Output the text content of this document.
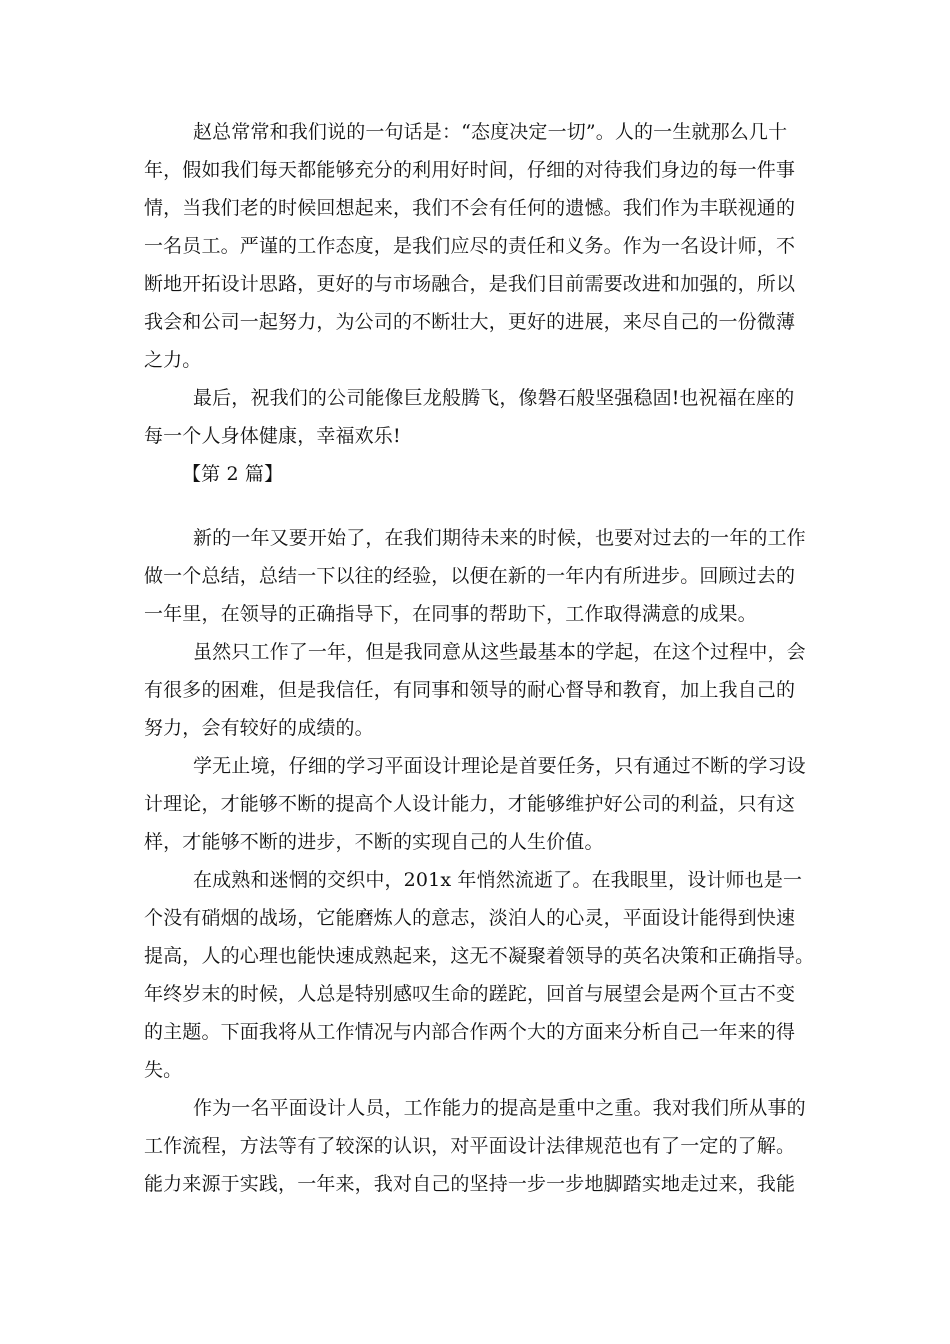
赵总常常和我们说的一句话是：“态度决定一切”。人的一生就那么几十
年，假如我们每天都能够充分的利用好时间，仔细的对待我们身边的每一件事
情，当我们老的时候回想起来，我们不会有任何的遗憾。我们作为丰联视通的
一名员工。严谨的工作态度，是我们应尽的责任和义务。作为一名设计师，不
断地开拓设计思路，更好的与市场融合，是我们目前需要改进和加强的，所以
我会和公司一起努力，为公司的不断壮大，更好的进展，来尽自己的一份微薄
之力。
最后，祝我们的公司能像巨龙般腾飞，像磐石般坚强稳固!也祝福在座的
每一个人身体健康，幸福欢乐!
【第 2 篇】
新的一年又要开始了，在我们期待未来的时候，也要对过去的一年的工作
做一个总结，总结一下以往的经验，以便在新的一年内有所进步。回顾过去的
一年里，在领导的正确指导下，在同事的帮助下，工作取得满意的成果。
虽然只工作了一年，但是我同意从这些最基本的学起，在这个过程中，会
有很多的困难，但是我信任，有同事和领导的耐心督导和教育，加上我自己的
努力，会有较好的成绩的。
学无止境，仔细的学习平面设计理论是首要任务，只有通过不断的学习设
计理论，才能够不断的提高个人设计能力，才能够维护好公司的利益，只有这
样，才能够不断的进步，不断的实现自己的人生价值。
在成熟和迷惘的交织中，201x 年悄然流逝了。在我眼里，设计师也是一
个没有硝烟的战场，它能磨炼人的意志，淡泊人的心灵，平面设计能得到快速
提高，人的心理也能快速成熟起来，这无不凝聚着领导的英名决策和正确指导。
年终岁末的时候，人总是特别感叹生命的蹉跎，回首与展望会是两个亘古不变
的主题。下面我将从工作情况与内部合作两个大的方面来分析自己一年来的得
失。
作为一名平面设计人员，工作能力的提高是重中之重。我对我们所从事的
工作流程，方法等有了较深的认识，对平面设计法律规范也有了一定的了解。
能力来源于实践，一年来，我对自己的坚持一步一步地脚踏实地走过来，我能
